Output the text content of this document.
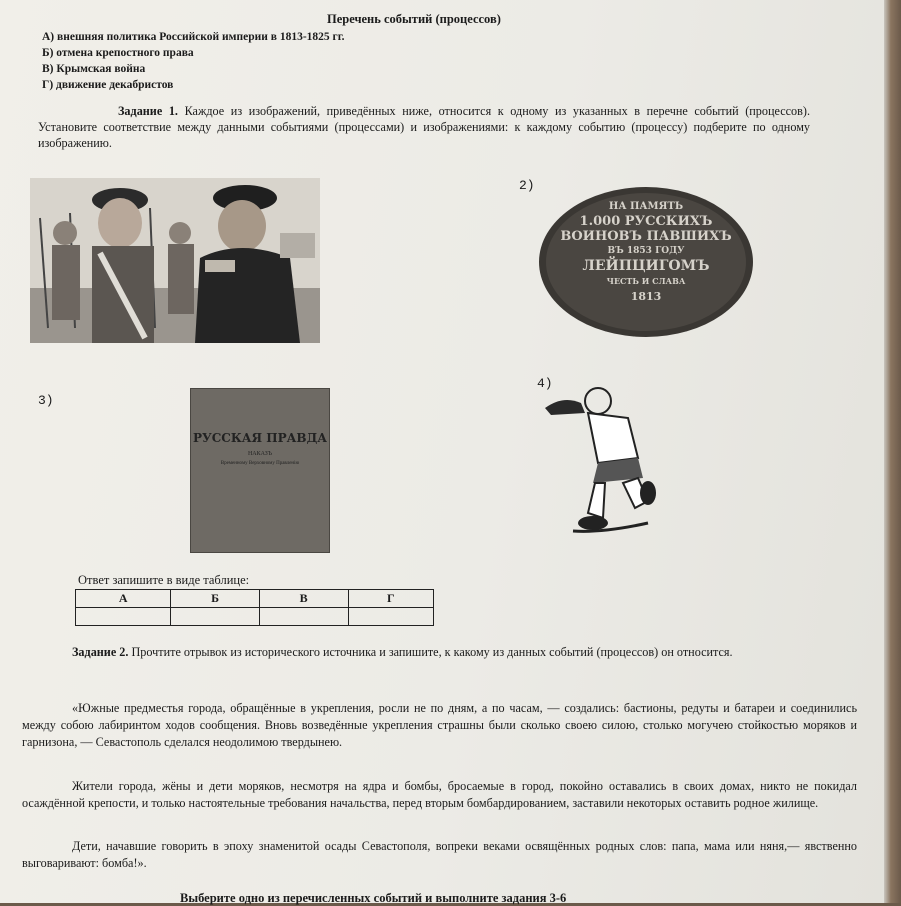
Перечень событий (процессов)
А) внешняя политика Российской империи в 1813-1825 гг.
Б) отмена крепостного права
В) Крымская война
Г) движение декабристов
Задание 1. Каждое из изображений, приведённых ниже, относится к одному из указанных в перечне событий (процессов). Установите соответствие между данными событиями (процессами) и изображениями: к каждому событию (процессу) подберите по одному изображению.
2)
НА ПАМЯТЬ
1.000 РУССКИХЪ
ВОИНОВЪ ПАВШИХЪ
ВЪ 1853 ГОДУ
ЛЕЙПЦИГОМЪ
ЧЕСТЬ И СЛАВА
1813
3)
РУССКАЯ ПРАВДА
НАКАЗЪ
Временному Верховному Правленію
4)
Ответ запишите в виде таблице:
А	Б	В	Г

Задание 2. Прочтите отрывок из исторического источника и запишите, к какому из данных событий (процессов) он относится.
«Южные предместья города, обращённые в укрепления, росли не по дням, а по часам, — создались: бастионы, редуты и батареи и соединились между собою лабиринтом ходов сообщения. Вновь возведённые укрепления страшны были сколько своею силою, столько могучею стойкостью моряков и гарнизона, — Севастополь сделался неодолимою твердынею.
Жители города, жёны и дети моряков, несмотря на ядра и бомбы, бросаемые в город, покойно оставались в своих домах, никто не покидал осаждённой крепости, и только настоятельные требования начальства, перед вторым бомбардированием, заставили некоторых оставить родное жилище.
Дети, начавшие говорить в эпоху знаменитой осады Севастополя, вопреки веками освящённых родных слов: папа, мама или няня,— явственно выговаривают: бомба!».
Выберите одно из перечисленных событий и выполните задания 3-6
